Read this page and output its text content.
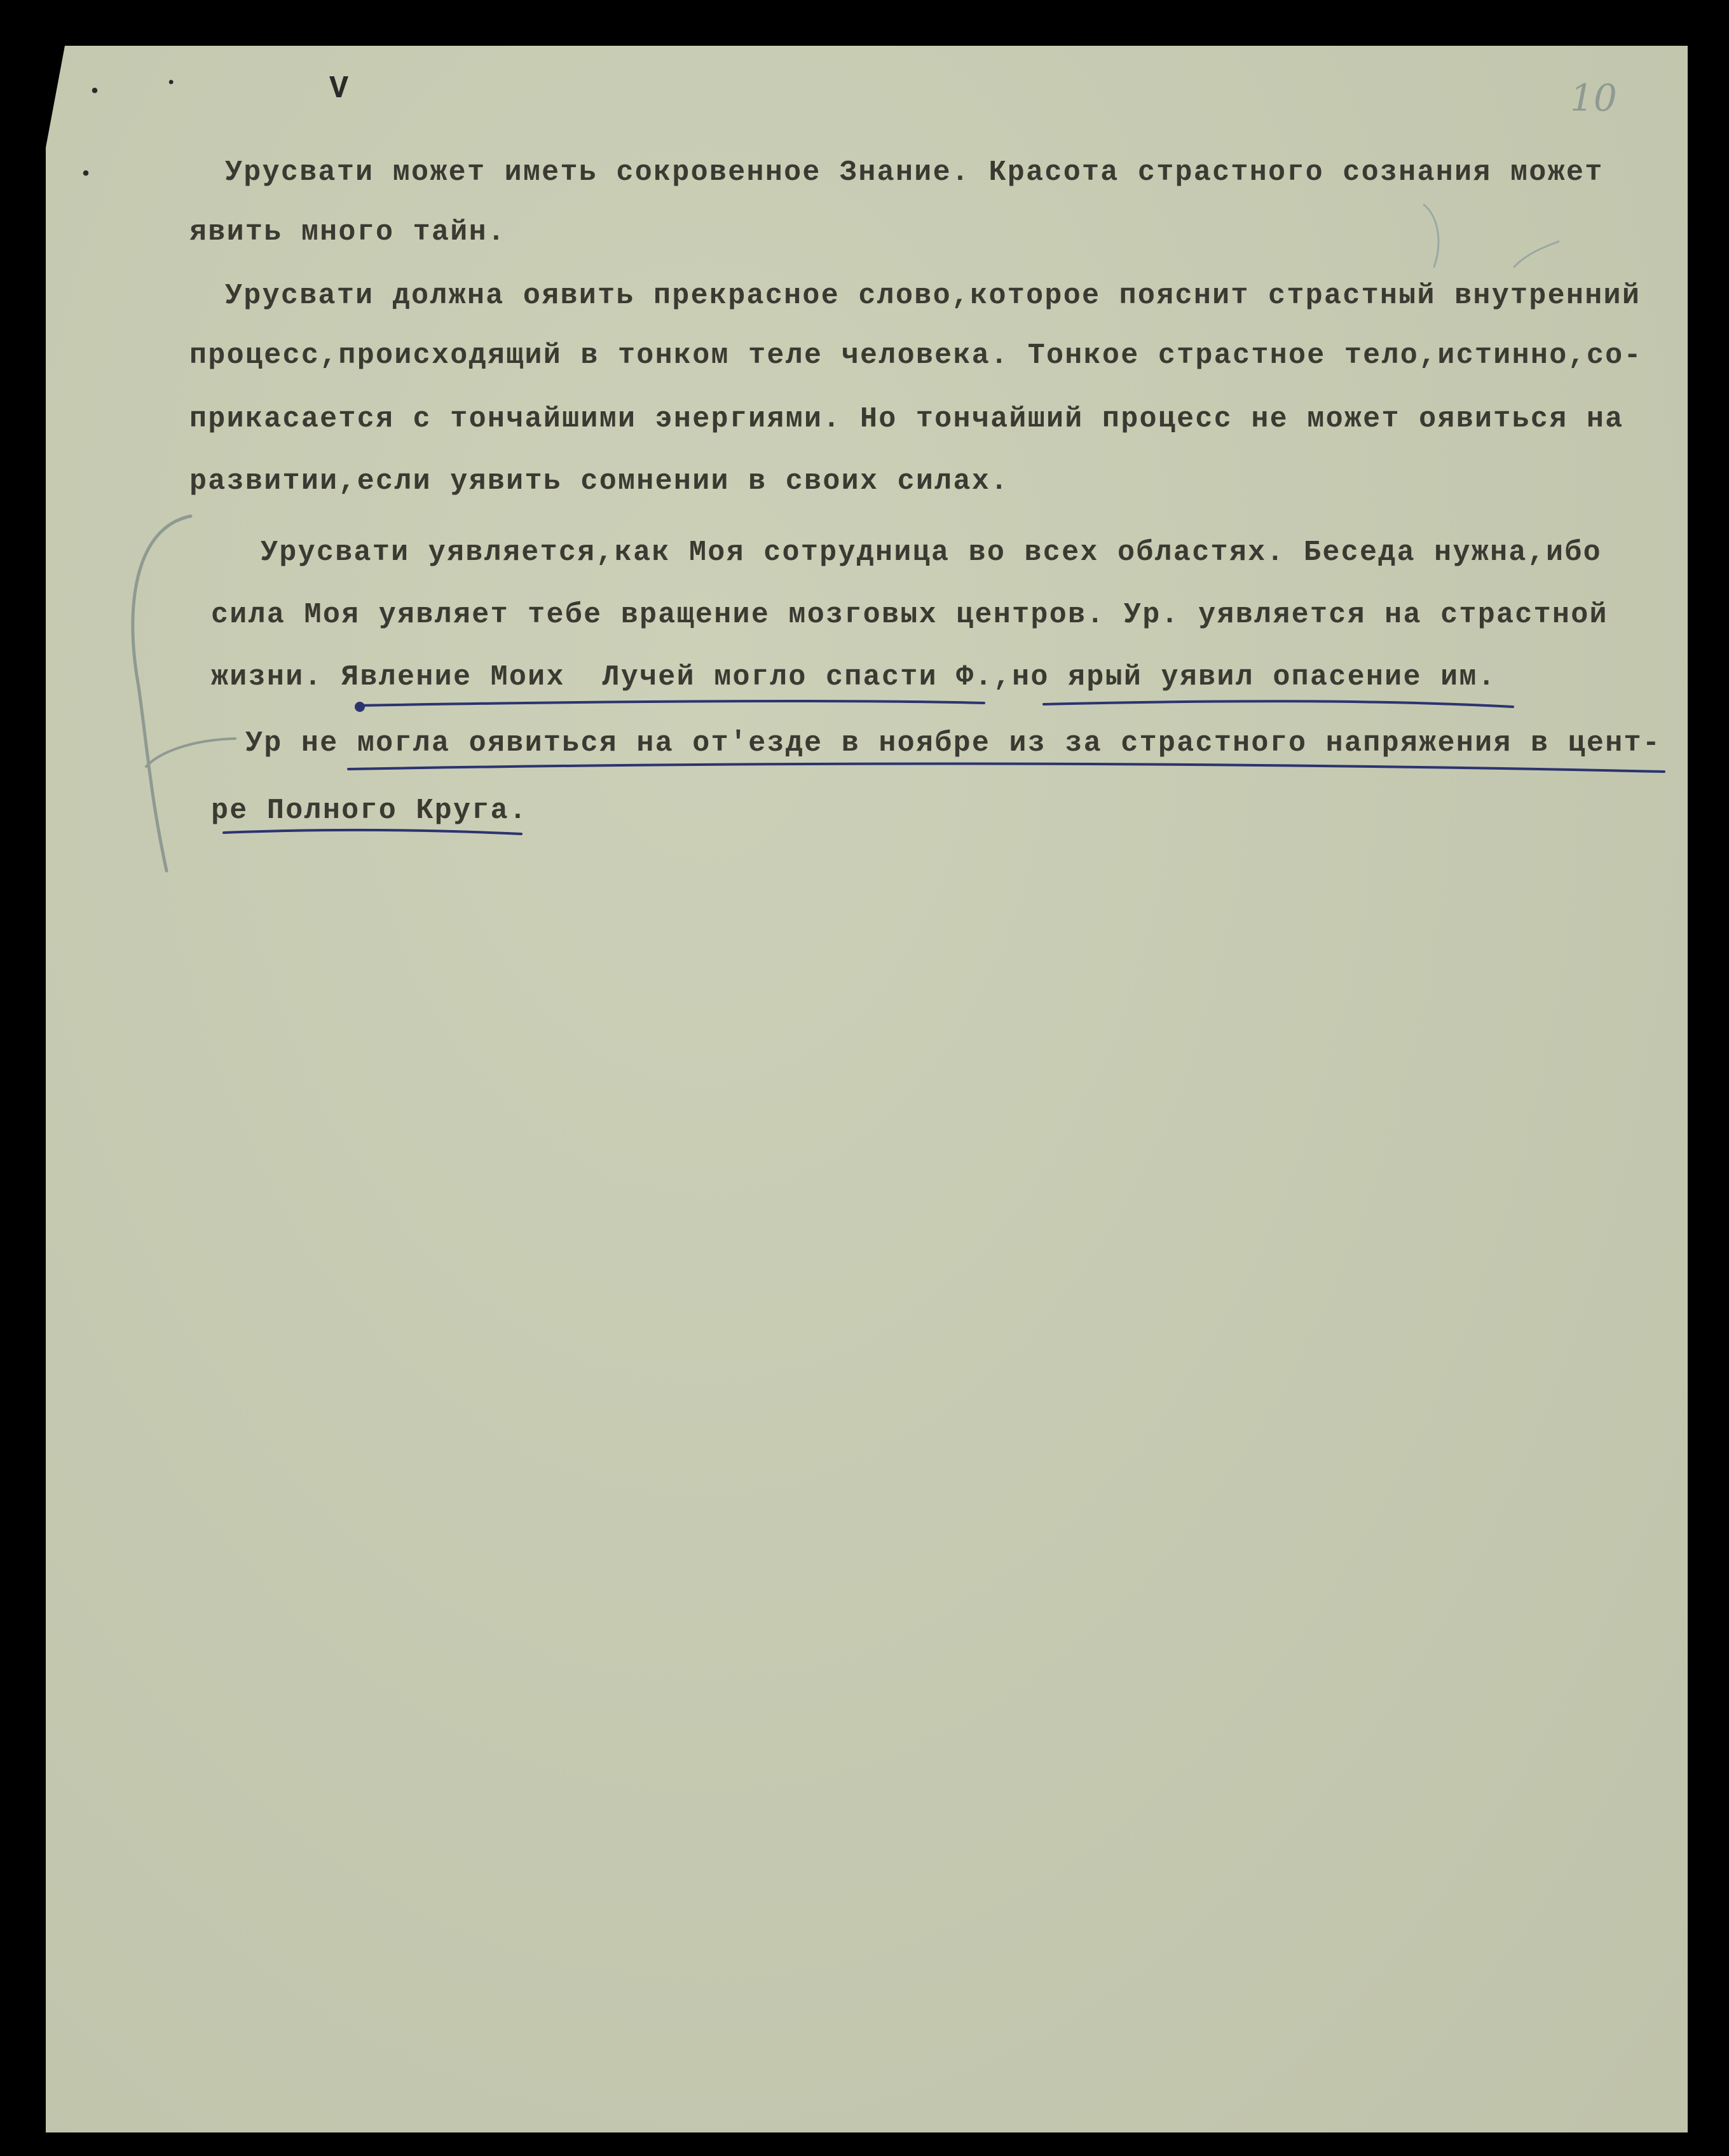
10

V
•	•
•	Урусвати может иметь сокровенное Знание. Красота страстного сознания может

явить много тайн.

Урусвати должна оявить прекрасное слово,которое пояснит страстный внутренний

процесс,происходящий в тонком теле человека. Тонкое страстное тело,истинно,со-

прикасается с тончайшими энергиями. Но тончайший процесс не может оявиться на

развитии,если уявить сомнении в своих силах.

Урусвати уявляется,как Моя сотрудница во всех областях. Беседа нужна,ибо

сила Моя уявляет тебе вращение мозговых центров. Ур. уявляется на страстной

жизни. Явление Моих  Лучей могло спасти Ф.,но ярый уявил опасение им.

Ур не могла оявиться на от'езде в ноябре из за страстного напряжения в цент-

ре Полного Круга.
